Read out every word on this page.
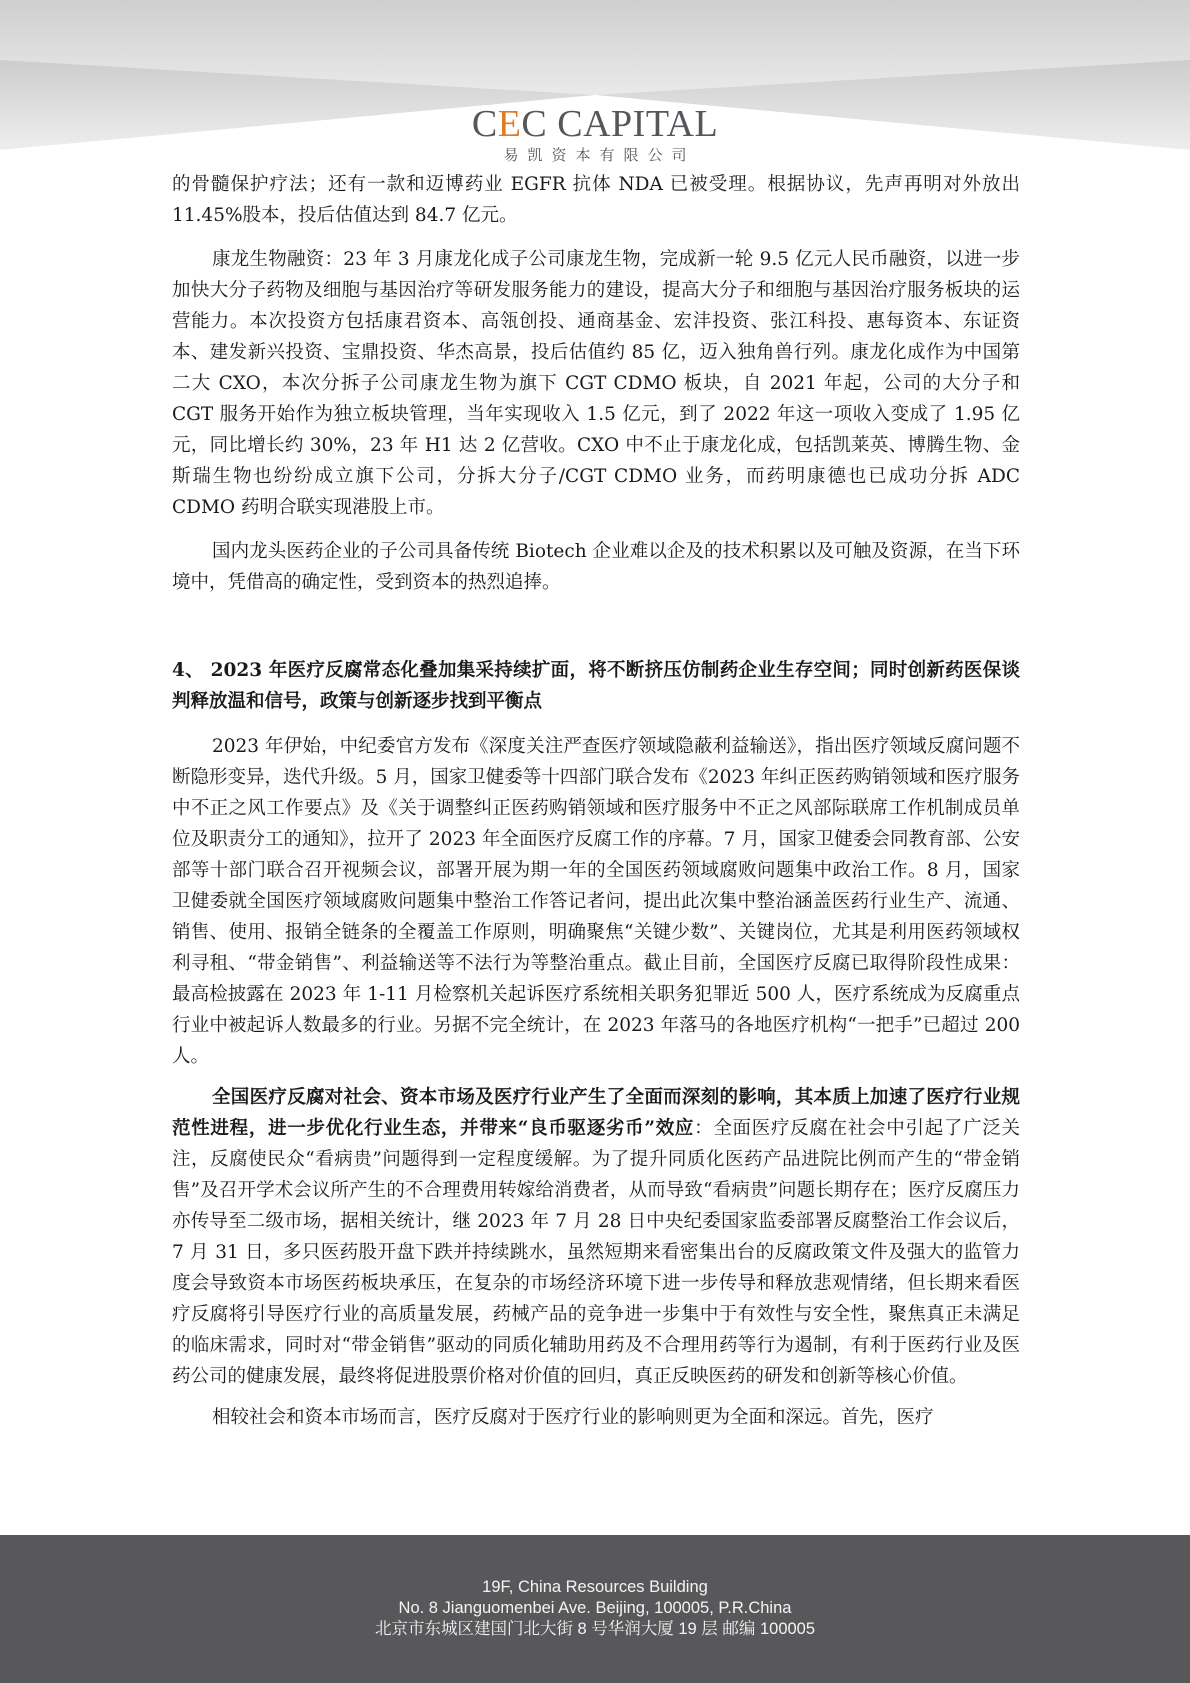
CEC CAPITAL
易凯资本有限公司

的骨髓保护疗法；还有一款和迈博药业 EGFR 抗体 NDA 已被受理。根据协议，先声再明对外放出 11.45%股本，投后估值达到 84.7 亿元。

康龙生物融资：23 年 3 月康龙化成子公司康龙生物，完成新一轮 9.5 亿元人民币融资，以进一步加快大分子药物及细胞与基因治疗等研发服务能力的建设，提高大分子和细胞与基因治疗服务板块的运营能力。本次投资方包括康君资本、高瓴创投、通商基金、宏沣投资、张江科投、惠每资本、东证资本、建发新兴投资、宝鼎投资、华杰高景，投后估值约 85 亿，迈入独角兽行列。康龙化成作为中国第二大 CXO，本次分拆子公司康龙生物为旗下 CGT CDMO 板块，自 2021 年起，公司的大分子和 CGT 服务开始作为独立板块管理，当年实现收入 1.5 亿元，到了 2022 年这一项收入变成了 1.95 亿元，同比增长约 30%，23 年 H1 达 2 亿营收。CXO 中不止于康龙化成，包括凯莱英、博腾生物、金斯瑞生物也纷纷成立旗下公司，分拆大分子/CGT CDMO 业务，而药明康德也已成功分拆 ADC CDMO 药明合联实现港股上市。

国内龙头医药企业的子公司具备传统 Biotech 企业难以企及的技术积累以及可触及资源，在当下环境中，凭借高的确定性，受到资本的热烈追捧。

4、 2023 年医疗反腐常态化叠加集采持续扩面，将不断挤压仿制药企业生存空间；同时创新药医保谈判释放温和信号，政策与创新逐步找到平衡点

2023 年伊始，中纪委官方发布《深度关注严查医疗领域隐蔽利益输送》，指出医疗领域反腐问题不断隐形变异，迭代升级。5 月，国家卫健委等十四部门联合发布《2023 年纠正医药购销领域和医疗服务中不正之风工作要点》及《关于调整纠正医药购销领域和医疗服务中不正之风部际联席工作机制成员单位及职责分工的通知》，拉开了 2023 年全面医疗反腐工作的序幕。7 月，国家卫健委会同教育部、公安部等十部门联合召开视频会议，部署开展为期一年的全国医药领域腐败问题集中政治工作。8 月，国家卫健委就全国医疗领域腐败问题集中整治工作答记者问，提出此次集中整治涵盖医药行业生产、流通、销售、使用、报销全链条的全覆盖工作原则，明确聚焦“关键少数”、关键岗位，尤其是利用医药领域权利寻租、“带金销售”、利益输送等不法行为等整治重点。截止目前，全国医疗反腐已取得阶段性成果：最高检披露在 2023 年 1-11 月检察机关起诉医疗系统相关职务犯罪近 500 人，医疗系统成为反腐重点行业中被起诉人数最多的行业。另据不完全统计，在 2023 年落马的各地医疗机构“一把手”已超过 200 人。

全国医疗反腐对社会、资本市场及医疗行业产生了全面而深刻的影响，其本质上加速了医疗行业规范性进程，进一步优化行业生态，并带来“良币驱逐劣币”效应：全面医疗反腐在社会中引起了广泛关注，反腐使民众“看病贵”问题得到一定程度缓解。为了提升同质化医药产品进院比例而产生的“带金销售”及召开学术会议所产生的不合理费用转嫁给消费者，从而导致“看病贵”问题长期存在；医疗反腐压力亦传导至二级市场，据相关统计，继 2023 年 7 月 28 日中央纪委国家监委部署反腐整治工作会议后，7 月 31 日，多只医药股开盘下跌并持续跳水，虽然短期来看密集出台的反腐政策文件及强大的监管力度会导致资本市场医药板块承压，在复杂的市场经济环境下进一步传导和释放悲观情绪，但长期来看医疗反腐将引导医疗行业的高质量发展，药械产品的竞争进一步集中于有效性与安全性，聚焦真正未满足的临床需求，同时对“带金销售”驱动的同质化辅助用药及不合理用药等行为遏制，有利于医药行业及医药公司的健康发展，最终将促进股票价格对价值的回归，真正反映医药的研发和创新等核心价值。

相较社会和资本市场而言，医疗反腐对于医疗行业的影响则更为全面和深远。首先，医疗

19F, China Resources Building
No. 8 Jianguomenbei Ave. Beijing, 100005, P.R.China
北京市东城区建国门北大街 8 号华润大厦 19 层 邮编 100005
